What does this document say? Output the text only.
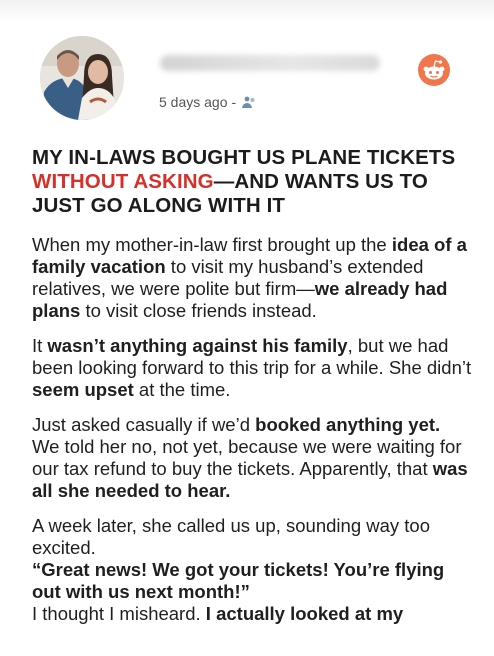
5 days ago -
MY IN-LAWS BOUGHT US PLANE TICKETS WITHOUT ASKING—AND WANTS US TO JUST GO ALONG WITH IT

When my mother-in-law first brought up the idea of a family vacation to visit my husband’s extended relatives, we were polite but firm—we already had plans to visit close friends instead.

It wasn’t anything against his family, but we had been looking forward to this trip for a while. She didn’t seem upset at the time.

Just asked casually if we’d booked anything yet. We told her no, not yet, because we were waiting for our tax refund to buy the tickets. Apparently, that was all she needed to hear.

A week later, she called us up, sounding way too excited.
“Great news! We got your tickets! You’re flying out with us next month!”
I thought I misheard. I actually looked at my
